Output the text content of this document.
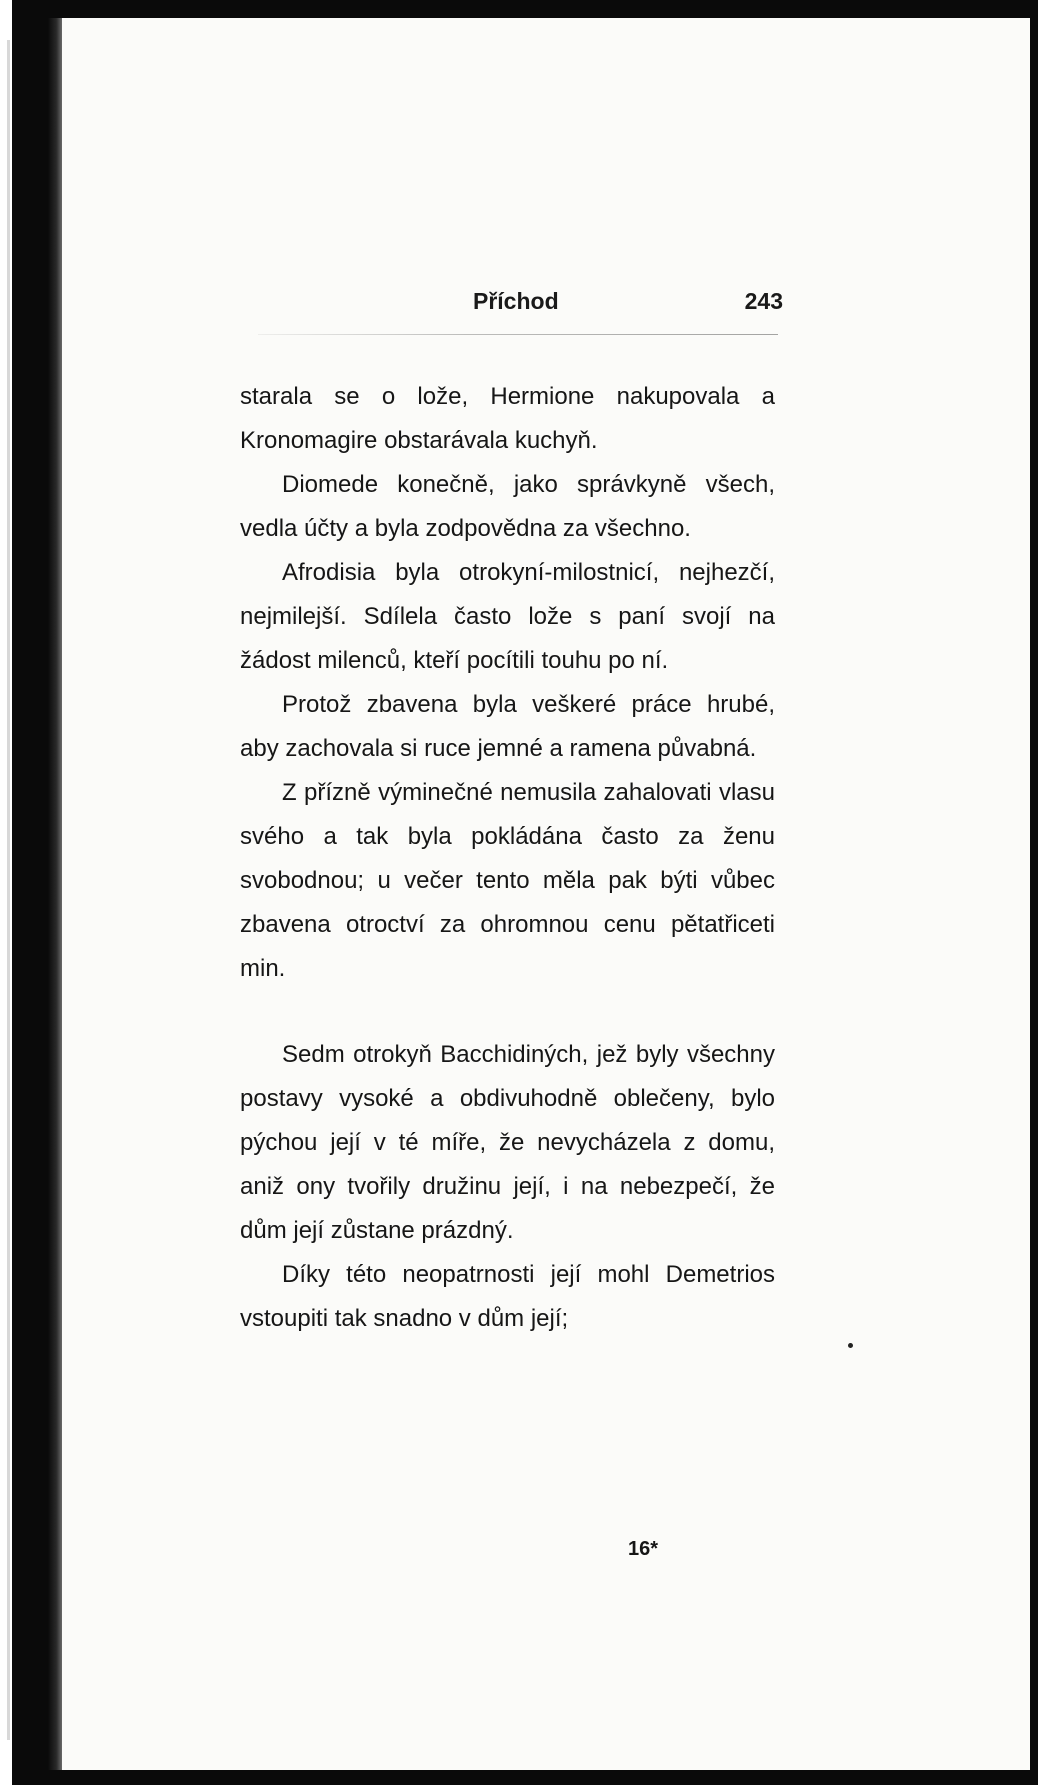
Příchod	243

starala se o lože, Hermione nakupovala a Kronomagire obstarávala kuchyň.

Diomede konečně, jako správkyně všech, vedla účty a byla zodpovědna za všechno.

Afrodisia byla otrokyní-milostnicí, nejhezčí, nejmilejší. Sdílela často lože s paní svojí na žádost milenců, kteří pocítili touhu po ní.

Protož zbavena byla veškeré práce hrubé, aby zachovala si ruce jemné a ramena půvabná.

Z přízně výminečné nemusila zahalovati vlasu svého a tak byla pokládána často za ženu svobodnou; u večer tento měla pak býti vůbec zbavena otroctví za ohromnou cenu pětatřiceti min.

Sedm otrokyň Bacchidiných, jež byly všechny postavy vysoké a obdivuhodně oblečeny, bylo pýchou její v té míře, že nevycházela z domu, aniž ony tvořily družinu její, i na nebezpečí, že dům její zůstane prázdný.

Díky této neopatrnosti její mohl Demetrios vstoupiti tak snadno v dům její;

16*
